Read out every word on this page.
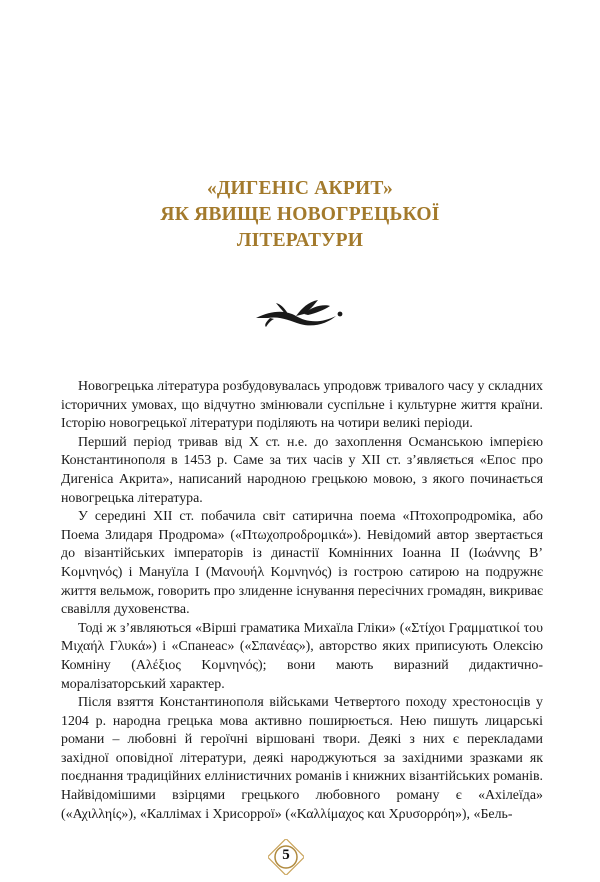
«ДИГЕНІС АКРИТ»
ЯК ЯВИЩЕ НОВОГРЕЦЬКОЇ
ЛІТЕРАТУРИ

Новогрецька література розбудовувалась упродовж тривалого часу у складних історичних умовах, що відчутно змінювали суспільне і культурне життя країни. Історію новогрецької літератури поділяють на чотири великі періоди.

Перший період тривав від Х ст. н.е. до захоплення Османською імперією Константинополя в 1453 р. Саме за тих часів у ХІІ ст. з’являється «Епос про Дигеніса Акрита», написаний народною грецькою мовою, з якого починається новогрецька література.

У середині ХІІ ст. побачила світ сатирична поема «Птохопродроміка, або Поема Злидаря Продрома» («Πτωχοπροδρομικά»). Невідомий автор звертається до візантійських імператорів із династії Комнінних Іоанна ІІ (Ιωάννης Β’ Κομνηνός) і Мануїла І (Μανουήλ Κομνηνός) із гострою сатирою на подружнє життя вельмож, говорить про злиденне існування пересічних громадян, викриває свавілля духовенства.

Тоді ж з’являються «Вірші граматика Михаїла Гліки» («Στίχοι Γραμματικοί του Μιχαήλ Γλυκά») і «Спанеас» («Σπανέας»), авторство яких приписують Олексію Комніну (Αλέξιος Κομνηνός); вони мають виразний дидактично-моралізаторський характер.

Після взяття Константинополя військами Четвертого походу хрестоносців у 1204 р. народна грецька мова активно поширюється. Нею пишуть лицарські романи – любовні й героїчні віршовані твори. Деякі з них є перекладами західної оповідної літератури, деякі народжуються за західними зразками як поєднання традиційних еллінистичних романів і книжних візантійських романів. Найвідомішими взірцями грецького любовного роману є «Ахілеїда» («Αχιλληίς»), «Каллімах і Хрисоррої» («Καλλίμαχος και Χρυσορρόη»), «Бель-

5
